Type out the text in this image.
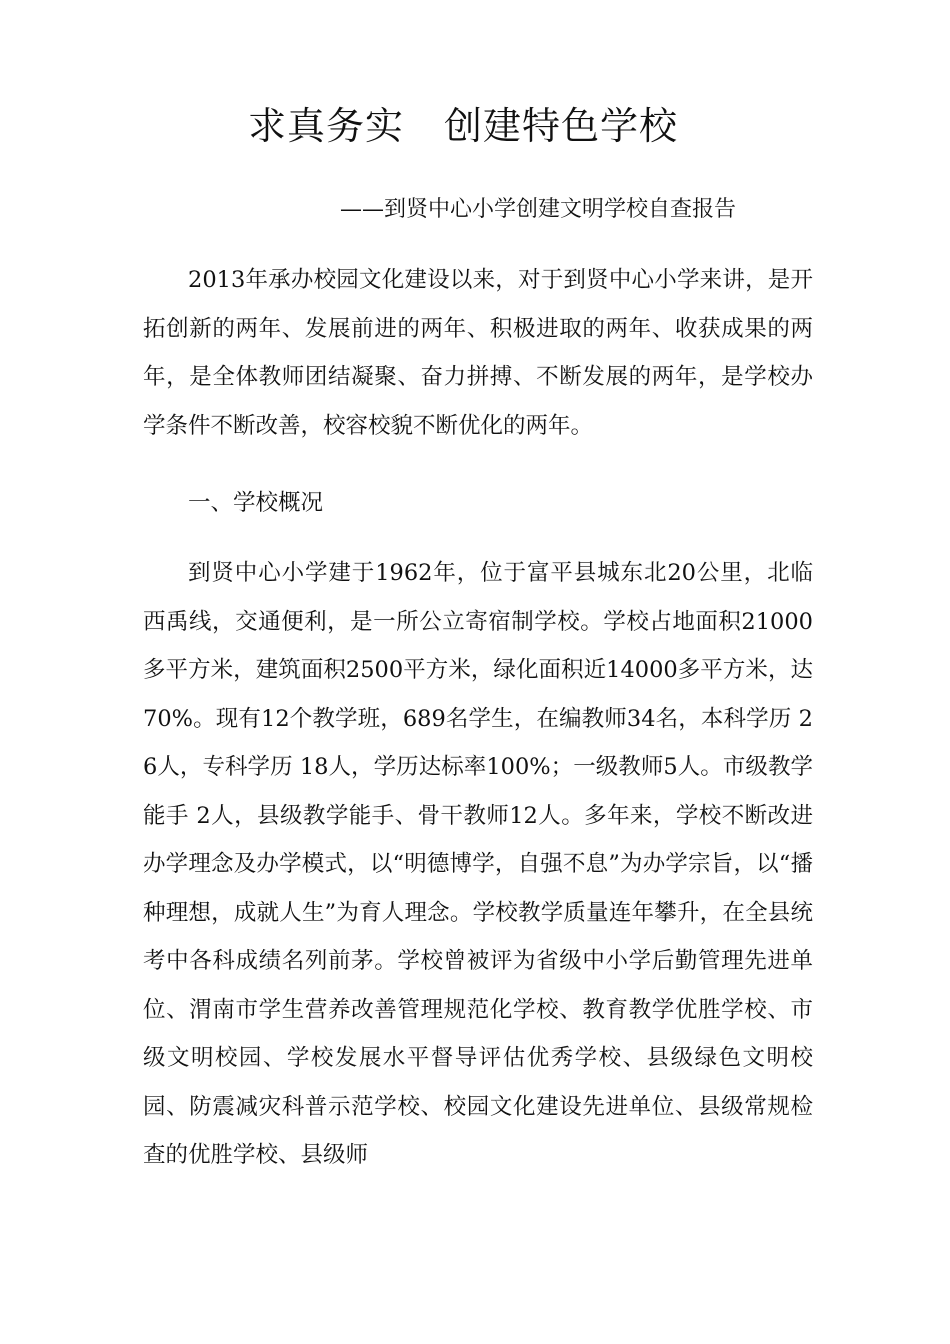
求真务实 创建特色学校
——到贤中心小学创建文明学校自查报告

2013年承办校园文化建设以来，对于到贤中心小学来讲，是开拓创新的两年、发展前进的两年、积极进取的两年、收获成果的两年，是全体教师团结凝聚、奋力拼搏、不断发展的两年，是学校办学条件不断改善，校容校貌不断优化的两年。

一、学校概况

到贤中心小学建于1962年，位于富平县城东北20公里，北临西禹线，交通便利，是一所公立寄宿制学校。学校占地面积21000多平方米，建筑面积2500平方米，绿化面积近14000多平方米，达70%。现有12个教学班，689名学生，在编教师34名，本科学历 26人，专科学历 18人，学历达标率100%；一级教师5人。市级教学能手 2人，县级教学能手、骨干教师12人。多年来，学校不断改进办学理念及办学模式，以“明德博学，自强不息”为办学宗旨，以“播种理想，成就人生”为育人理念。学校教学质量连年攀升，在全县统考中各科成绩名列前茅。学校曾被评为省级中小学后勤管理先进单位、渭南市学生营养改善管理规范化学校、教育教学优胜学校、市级文明校园、学校发展水平督导评估优秀学校、县级绿色文明校园、防震减灾科普示范学校、校园文化建设先进单位、县级常规检查的优胜学校、县级师
